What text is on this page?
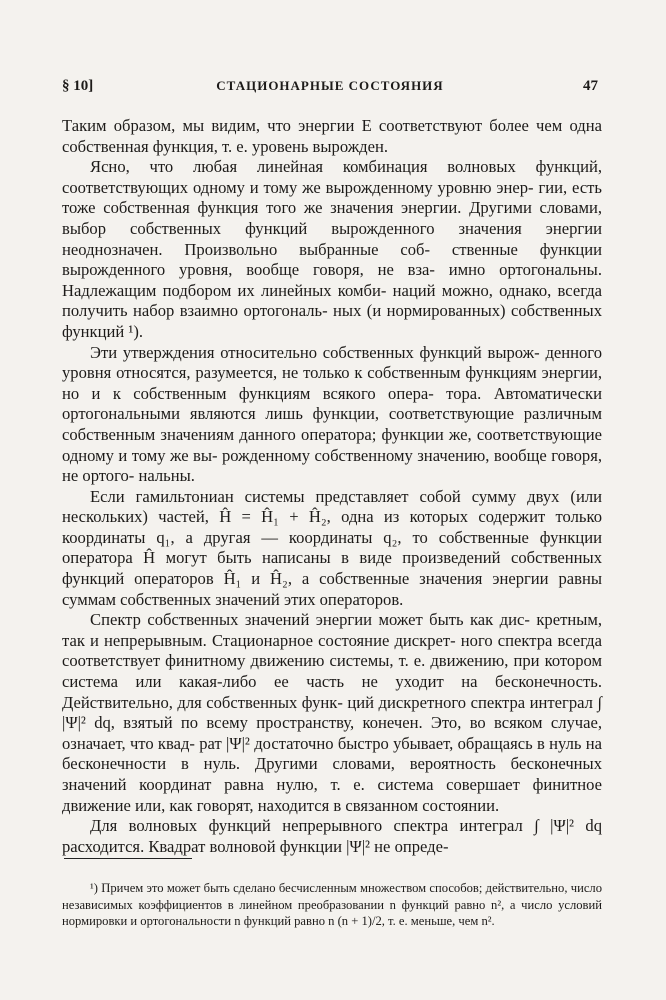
§ 10]	СТАЦИОНАРНЫЕ СОСТОЯНИЯ	47

Таким образом, мы видим, что энергии E соответствуют более чем одна собственная функция, т. е. уровень вырожден.

Ясно, что любая линейная комбинация волновых функций, соответствующих одному и тому же вырожденному уровню энер- гии, есть тоже собственная функция того же значения энергии. Другими словами, выбор собственных функций вырожденного значения энергии неоднозначен. Произвольно выбранные соб- ственные функции вырожденного уровня, вообще говоря, не вза- имно ортогональны. Надлежащим подбором их линейных комби- наций можно, однако, всегда получить набор взаимно ортогональ- ных (и нормированных) собственных функций ¹).

Эти утверждения относительно собственных функций вырож- денного уровня относятся, разумеется, не только к собственным функциям энергии, но и к собственным функциям всякого опера- тора. Автоматически ортогональными являются лишь функции, соответствующие различным собственным значениям данного оператора; функции же, соответствующие одному и тому же вы- рожденному собственному значению, вообще говоря, не ортого- нальны.

Если гамильтониан системы представляет собой сумму двух (или нескольких) частей, Ĥ = Ĥ₁ + Ĥ₂, одна из которых содержит только координаты q₁, а другая — координаты q₂, то собственные функции оператора Ĥ могут быть написаны в виде произведений собственных функций операторов Ĥ₁ и Ĥ₂, а собственные значения энергии равны суммам собственных значений этих операторов.

Спектр собственных значений энергии может быть как дис- кретным, так и непрерывным. Стационарное состояние дискрет- ного спектра всегда соответствует финитному движению системы, т. е. движению, при котором система или какая-либо ее часть не уходит на бесконечность. Действительно, для собственных функ- ций дискретного спектра интеграл ∫ |Ψ|² dq, взятый по всему пространству, конечен. Это, во всяком случае, означает, что квад- рат |Ψ|² достаточно быстро убывает, обращаясь в нуль на бесконечности в нуль. Другими словами, вероятность бесконечных значений координат равна нулю, т. е. система совершает финитное движение или, как говорят, находится в связанном состоянии.

Для волновых функций непрерывного спектра интеграл ∫ |Ψ|² dq расходится. Квадрат волновой функции |Ψ|² не опреде-

¹) Причем это может быть сделано бесчисленным множеством способов; действительно, число независимых коэффициентов в линейном преобразовании n функций равно n², а число условий нормировки и ортогональности n функций равно n (n + 1)/2, т. е. меньше, чем n².
